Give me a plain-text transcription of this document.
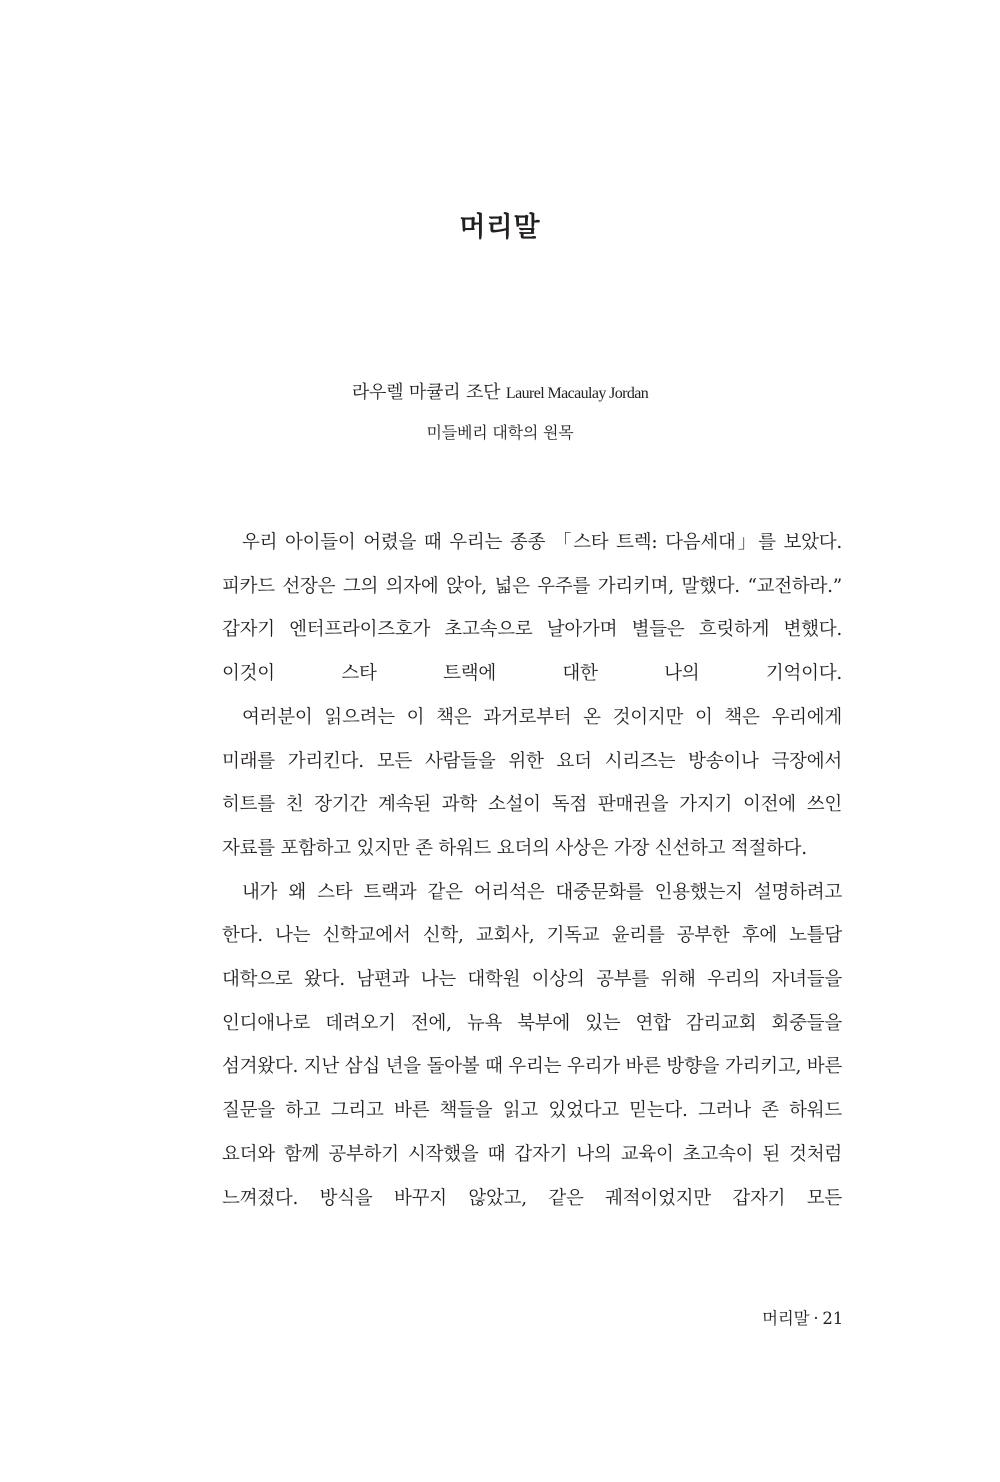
머리말

라우렐 마큘리 조단 Laurel Macaulay Jordan

미들베리 대학의 원목

우리 아이들이 어렸을 때 우리는 종종 「스타 트렉: 다음세대」를 보았다. 피카드 선장은 그의 의자에 앉아, 넓은 우주를 가리키며, 말했다. “교전하라.” 갑자기 엔터프라이즈호가 초고속으로 날아가며 별들은 흐릿하게 변했다. 이것이 스타 트랙에 대한 나의 기억이다.

여러분이 읽으려는 이 책은 과거로부터 온 것이지만 이 책은 우리에게 미래를 가리킨다. 모든 사람들을 위한 요더 시리즈는 방송이나 극장에서 히트를 친 장기간 계속된 과학 소설이 독점 판매권을 가지기 이전에 쓰인 자료를 포함하고 있지만 존 하워드 요더의 사상은 가장 신선하고 적절하다.

내가 왜 스타 트랙과 같은 어리석은 대중문화를 인용했는지 설명하려고 한다. 나는 신학교에서 신학, 교회사, 기독교 윤리를 공부한 후에 노틀담 대학으로 왔다. 남편과 나는 대학원 이상의 공부를 위해 우리의 자녀들을 인디애나로 데려오기 전에, 뉴욕 북부에 있는 연합 감리교회 회중들을 섬겨왔다. 지난 삼십 년을 돌아볼 때 우리는 우리가 바른 방향을 가리키고, 바른 질문을 하고 그리고 바른 책들을 읽고 있었다고 믿는다. 그러나 존 하워드 요더와 함께 공부하기 시작했을 때 갑자기 나의 교육이 초고속이 된 것처럼 느껴졌다. 방식을 바꾸지 않았고, 같은 궤적이었지만 갑자기 모든

머리말 · 21
